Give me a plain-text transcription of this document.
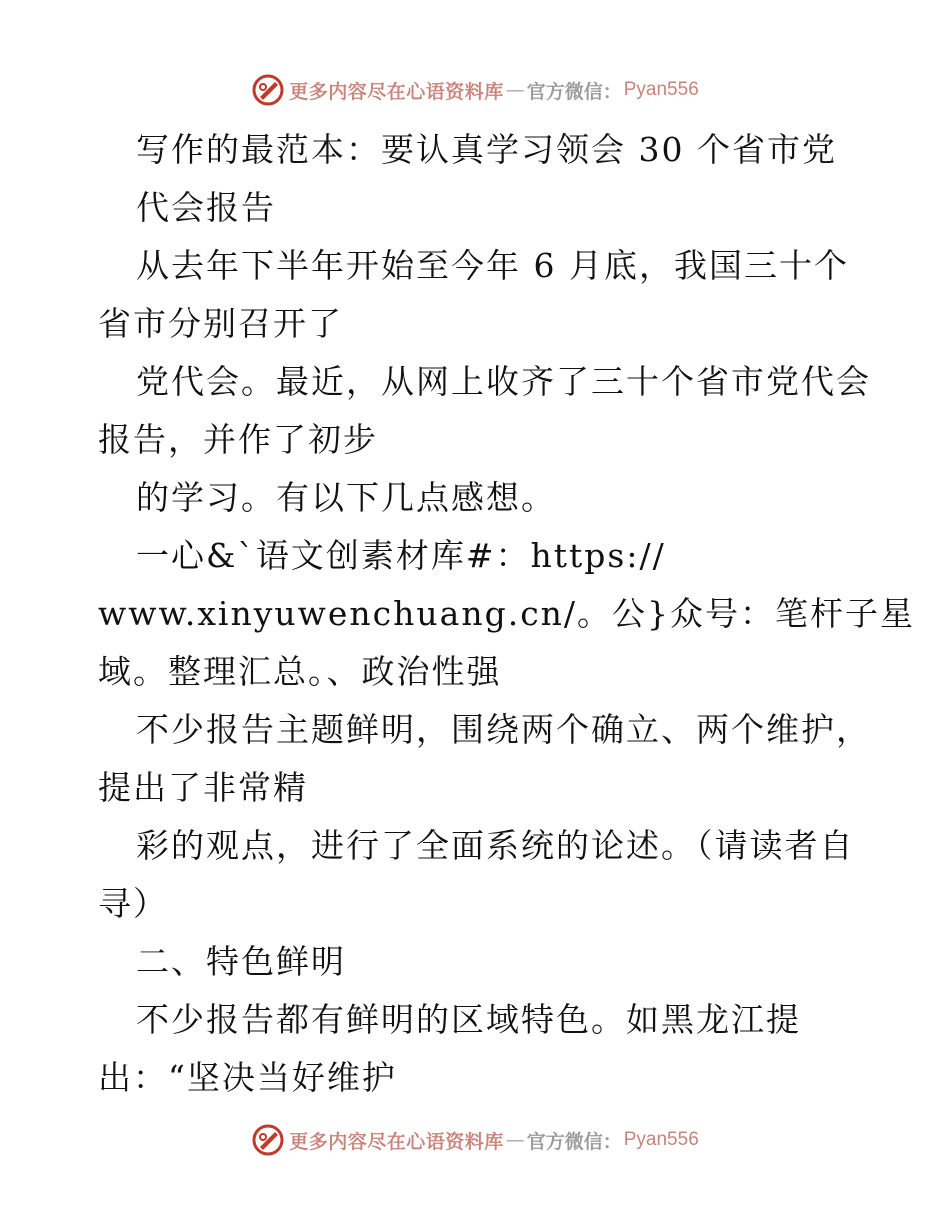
更多内容尽在心语资料库 — 官方微信： Pyan556
写作的最范本：要认真学习领会 30 个省市党
代会报告
从去年下半年开始至今年 6 月底，我国三十个
省市分别召开了
党代会。最近，从网上收齐了三十个省市党代会
报告，并作了初步
的学习。有以下几点感想。
一心&`语文创素材库#：https://
www.xinyuwenchuang.cn/。公}众号：笔杆子星
域。整理汇总。、政治性强
不少报告主题鲜明，围绕两个确立、两个维护，
提出了非常精
彩的观点，进行了全面系统的论述。（请读者自
寻）
二、特色鲜明
不少报告都有鲜明的区域特色。如黑龙江提
出：“坚决当好维护
更多内容尽在心语资料库 — 官方微信： Pyan556
